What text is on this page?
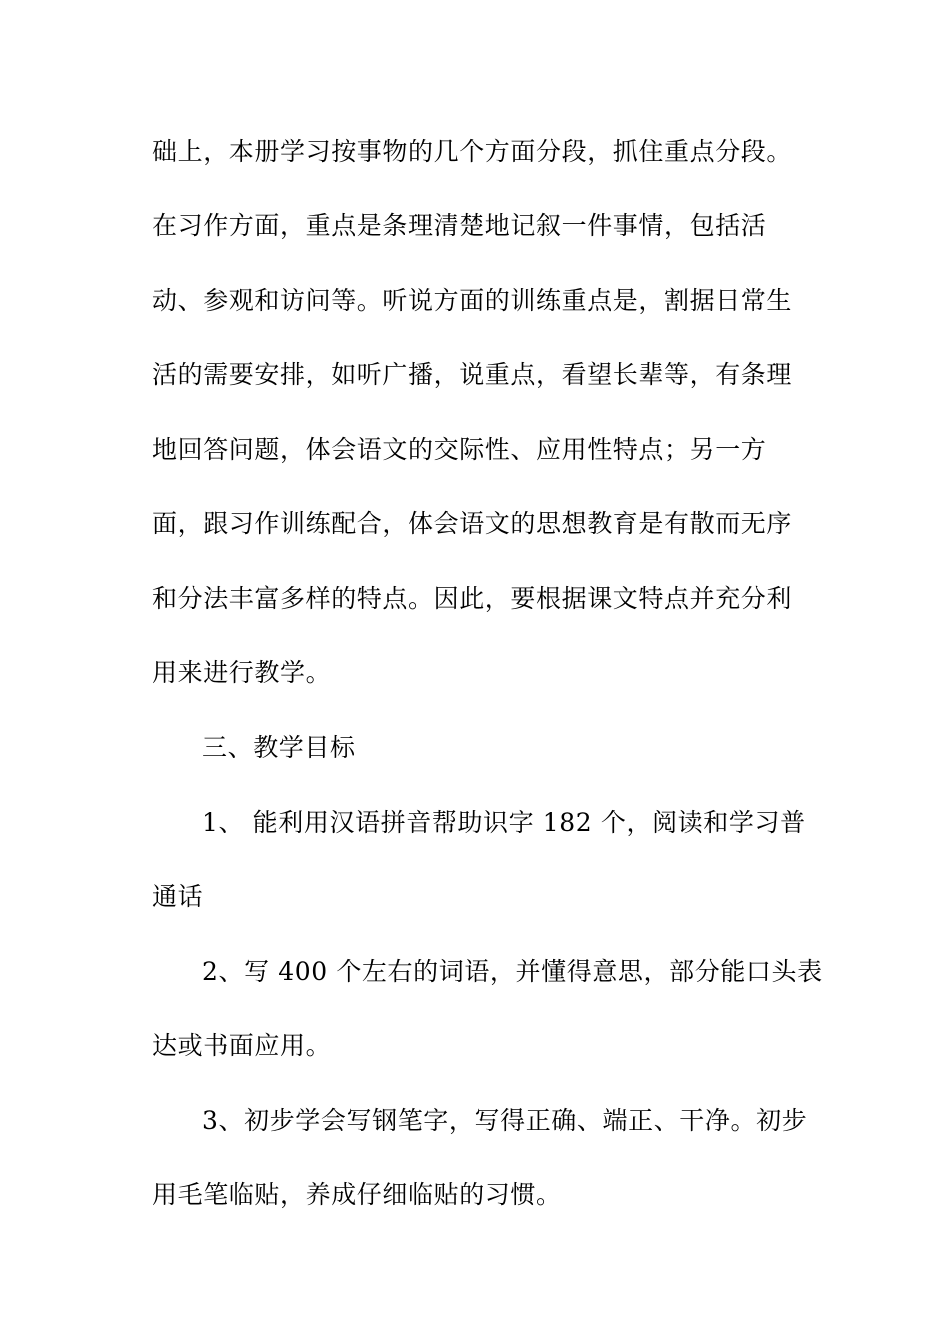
础上，本册学习按事物的几个方面分段，抓住重点分段。
在习作方面，重点是条理清楚地记叙一件事情，包括活
动、参观和访问等。听说方面的训练重点是，割据日常生
活的需要安排，如听广播，说重点，看望长辈等，有条理
地回答问题，体会语文的交际性、应用性特点；另一方
面，跟习作训练配合，体会语文的思想教育是有散而无序
和分法丰富多样的特点。因此，要根据课文特点并充分利
用来进行教学。
三、教学目标
1、 能利用汉语拼音帮助识字 182 个，阅读和学习普
通话
2、写 400 个左右的词语，并懂得意思，部分能口头表
达或书面应用。
3、初步学会写钢笔字，写得正确、端正、干净。初步
用毛笔临贴，养成仔细临贴的习惯。
